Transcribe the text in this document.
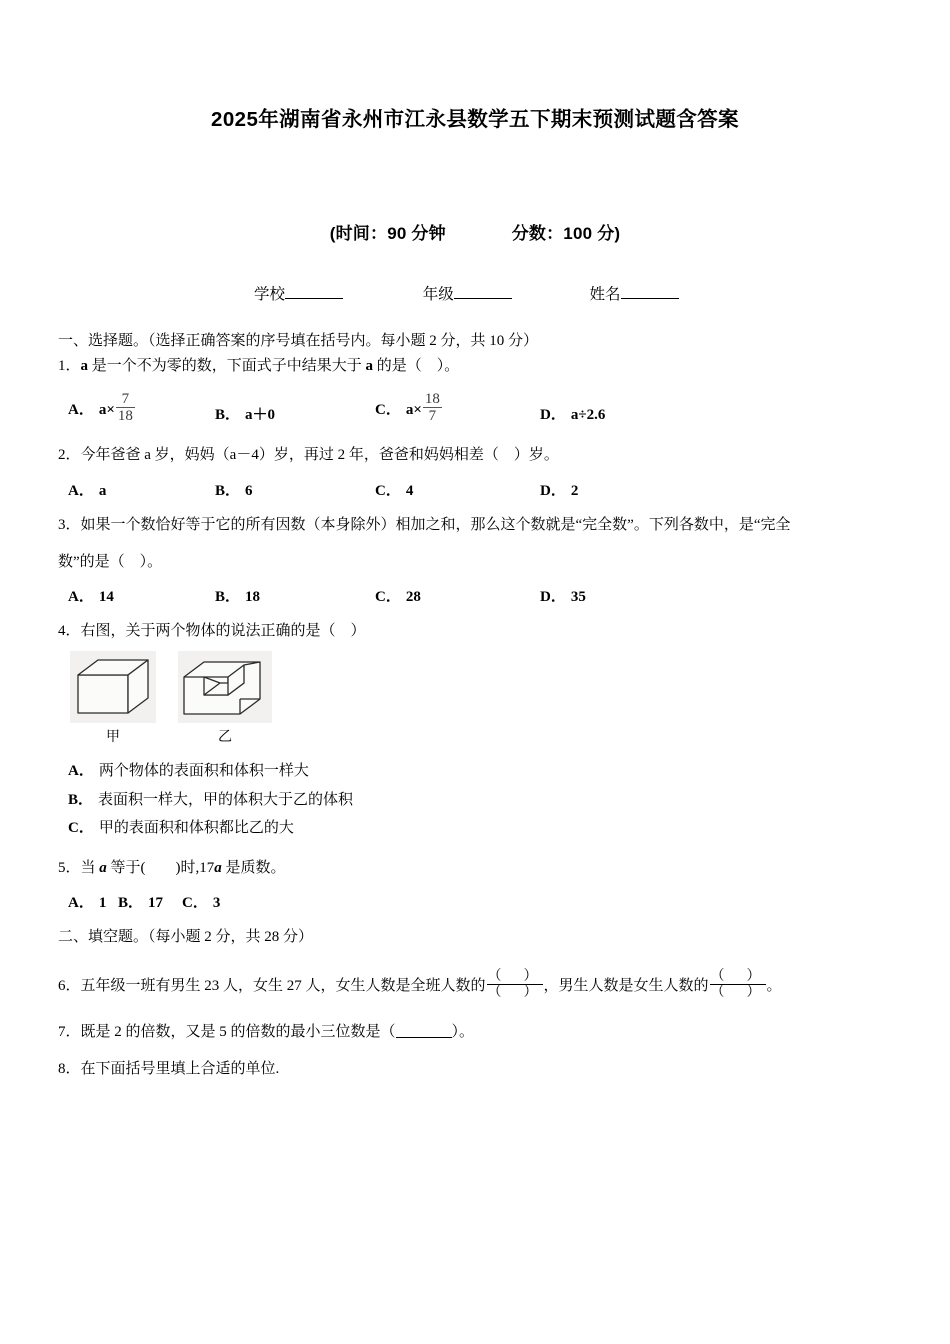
2025年湖南省永州市江永县数学五下期末预测试题含答案
(时间：90 分钟	分数：100 分)
学校	年级	姓名
一、选择题。（选择正确答案的序号填在括号内。每小题 2 分，共 10 分）
1．a 是一个不为零的数，下面式子中结果大于 a 的是（　）。
A． $a\times \frac{7}{18}$	B． a＋0	C． $a\times \frac{18}{7}$	D． a÷2.6
2．今年爸爸 a 岁，妈妈（a－4）岁，再过 2 年，爸爸和妈妈相差（　）岁。
A． a	B． 6	C． 4	D． 2
3．如果一个数恰好等于它的所有因数（本身除外）相加之和，那么这个数就是“完全数”。下列各数中，是“完全
数”的是（　）。
A． 14	B． 18	C． 28	D． 35
4．右图，关于两个物体的说法正确的是（　）
甲	乙
A． 两个物体的表面积和体积一样大
B． 表面积一样大，甲的体积大于乙的体积
C． 甲的表面积和体积都比乙的大
5．当 a 等于(　　)时,17a 是质数。
A． 1 B． 17 C． 3
二、填空题。（每小题 2 分，共 28 分）
6．五年级一班有男生 23 人，女生 27 人，女生人数是全班人数的 $\frac{( )}{( )}$ ，男生人数是女生人数的 $\frac{( )}{( )}$ 。
7．既是 2 的倍数，又是 5 的倍数的最小三位数是（	）。
8．在下面括号里填上合适的单位.
